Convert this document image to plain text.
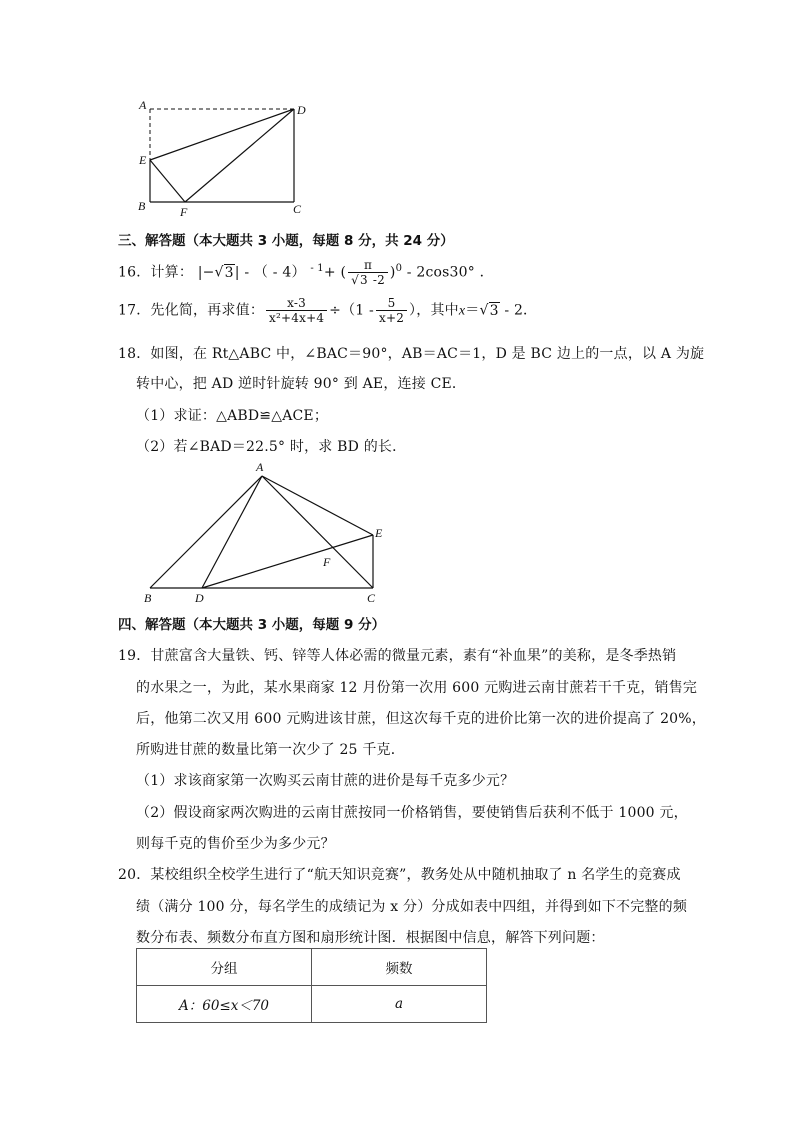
A	D
E
B	F	C
三、解答题（本大题共 3 小题，每题 8 分，共 24 分）
16．计算： |−√3| - （ - 4） $^{- 1}$+ ( $\frac{\pi}{√3 -2} )^0 - 2\cos 30^\circ$ ．
17．先化简，再求值： $\frac{x-3}{\text{x²+4x+4}} \div(1 - \frac{5}{x+2}$ ），其中x＝√3 - 2．
18．如图，在 Rt△ABC 中，∠BAC＝90°，AB＝AC＝1，D 是 BC 边上的一点，以 A 为旋
转中心，把 AD 逆时针旋转 90° 到 AE，连接 CE．
（1）求证：△ABD≌△ACE；
（2）若∠BAD＝22.5° 时，求 BD 的长．
A
E
F
B	D	C
四、解答题（本大题共 3 小题，每题 9 分）
19．甘蔗富含大量铁、钙、锌等人体必需的微量元素，素有“补血果”的美称，是冬季热销
的水果之一，为此，某水果商家 12 月份第一次用 600 元购进云南甘蔗若干千克，销售完
后，他第二次又用 600 元购进该甘蔗，但这次每千克的进价比第一次的进价提高了 20%，
所购进甘蔗的数量比第一次少了 25 千克．
（1）求该商家第一次购买云南甘蔗的进价是每千克多少元？
（2）假设商家两次购进的云南甘蔗按同一价格销售，要使销售后获利不低于 1000 元，
则每千克的售价至少为多少元？
20．某校组织全校学生进行了“航天知识竞赛”，教务处从中随机抽取了 n 名学生的竞赛成
绩（满分 100 分，每名学生的成绩记为 x 分）分成如表中四组，并得到如下不完整的频
数分布表、频数分布直方图和扇形统计图．根据图中信息，解答下列问题：
分组	频数
A：60≤x＜70	a
